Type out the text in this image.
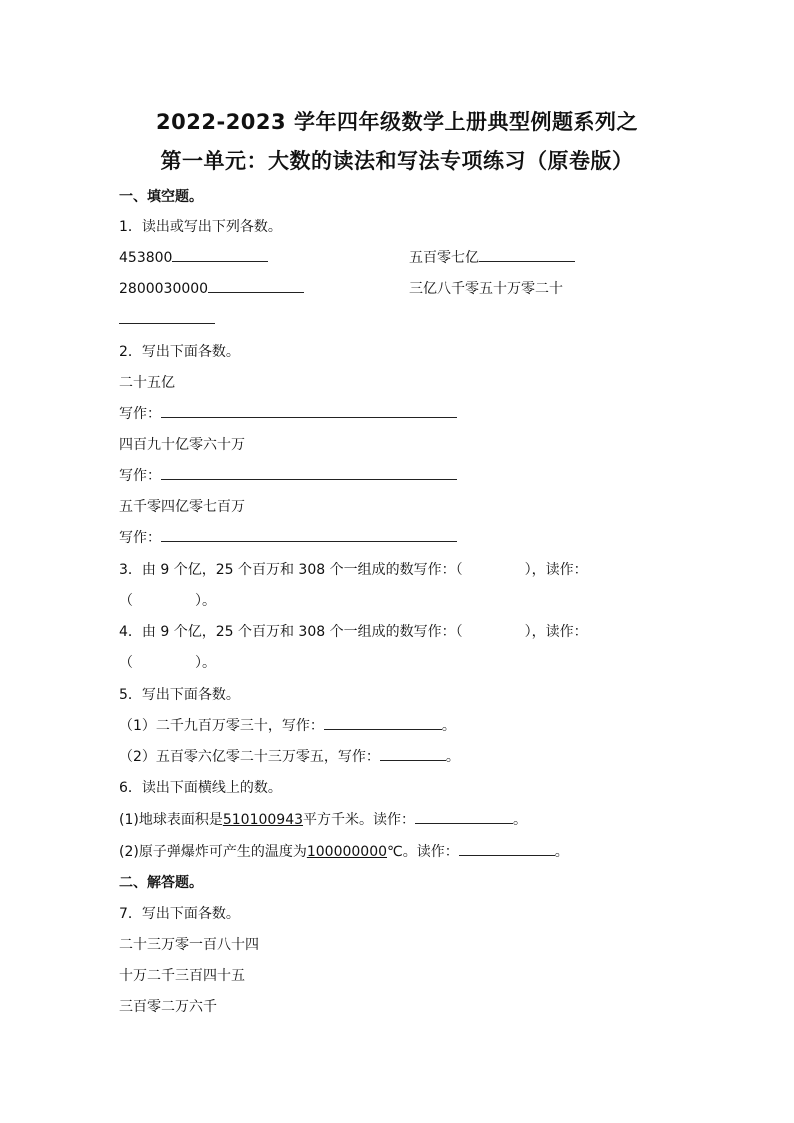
2022-2023 学年四年级数学上册典型例题系列之
第一单元：大数的读法和写法专项练习（原卷版）
一、填空题。
1．读出或写出下列各数。
453800	五百零七亿
2800030000	三亿八千零五十万零二十
2．写出下面各数。
二十五亿
写作：
四百九十亿零六十万
写作：
五千零四亿零七百万
写作：
3．由 9 个亿，25 个百万和 308 个一组成的数写作：（	），读作：
（	）。
4．由 9 个亿，25 个百万和 308 个一组成的数写作：（	），读作：
（	）。
5．写出下面各数。
（1）二千九百万零三十，写作：	。
（2）五百零六亿零二十三万零五，写作：	。
6．读出下面横线上的数。
(1)地球表面积是510100943平方千米。读作：	。
(2)原子弹爆炸可产生的温度为100000000℃。读作：	。
二、解答题。
7．写出下面各数。
二十三万零一百八十四
十万二千三百四十五
三百零二万六千
